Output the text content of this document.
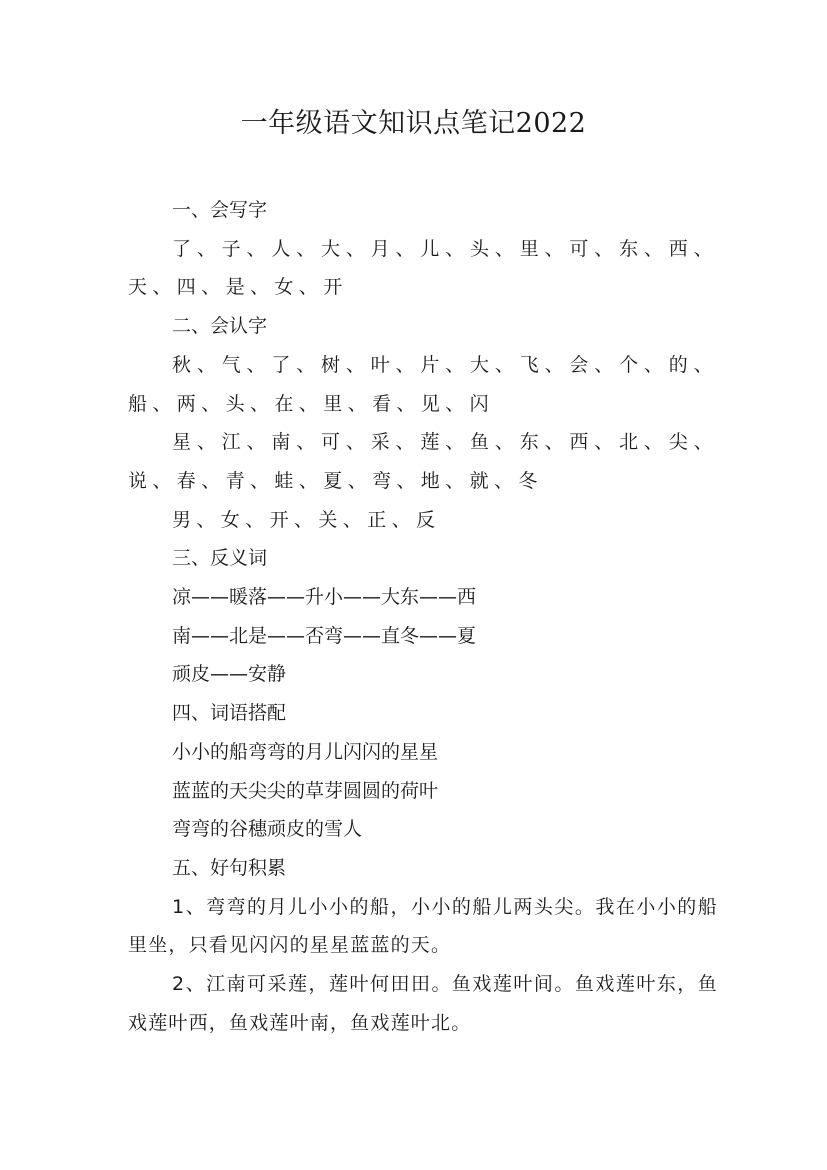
一年级语文知识点笔记2022

一、会写字

了、子、人、大、月、儿、头、里、可、东、西、天、四、是、女、开

二、会认字

秋、气、了、树、叶、片、大、飞、会、个、的、船、两、头、在、里、看、见、闪

星、江、南、可、采、莲、鱼、东、西、北、尖、说、春、青、蛙、夏、弯、地、就、冬

男、女、开、关、正、反

三、反义词

凉——暖落——升小——大东——西

南——北是——否弯——直冬——夏

顽皮——安静

四、词语搭配

小小的船弯弯的月儿闪闪的星星

蓝蓝的天尖尖的草芽圆圆的荷叶

弯弯的谷穗顽皮的雪人

五、好句积累

1、弯弯的月儿小小的船，小小的船儿两头尖。我在小小的船里坐，只看见闪闪的星星蓝蓝的天。

2、江南可采莲，莲叶何田田。鱼戏莲叶间。鱼戏莲叶东，鱼戏莲叶西，鱼戏莲叶南，鱼戏莲叶北。
